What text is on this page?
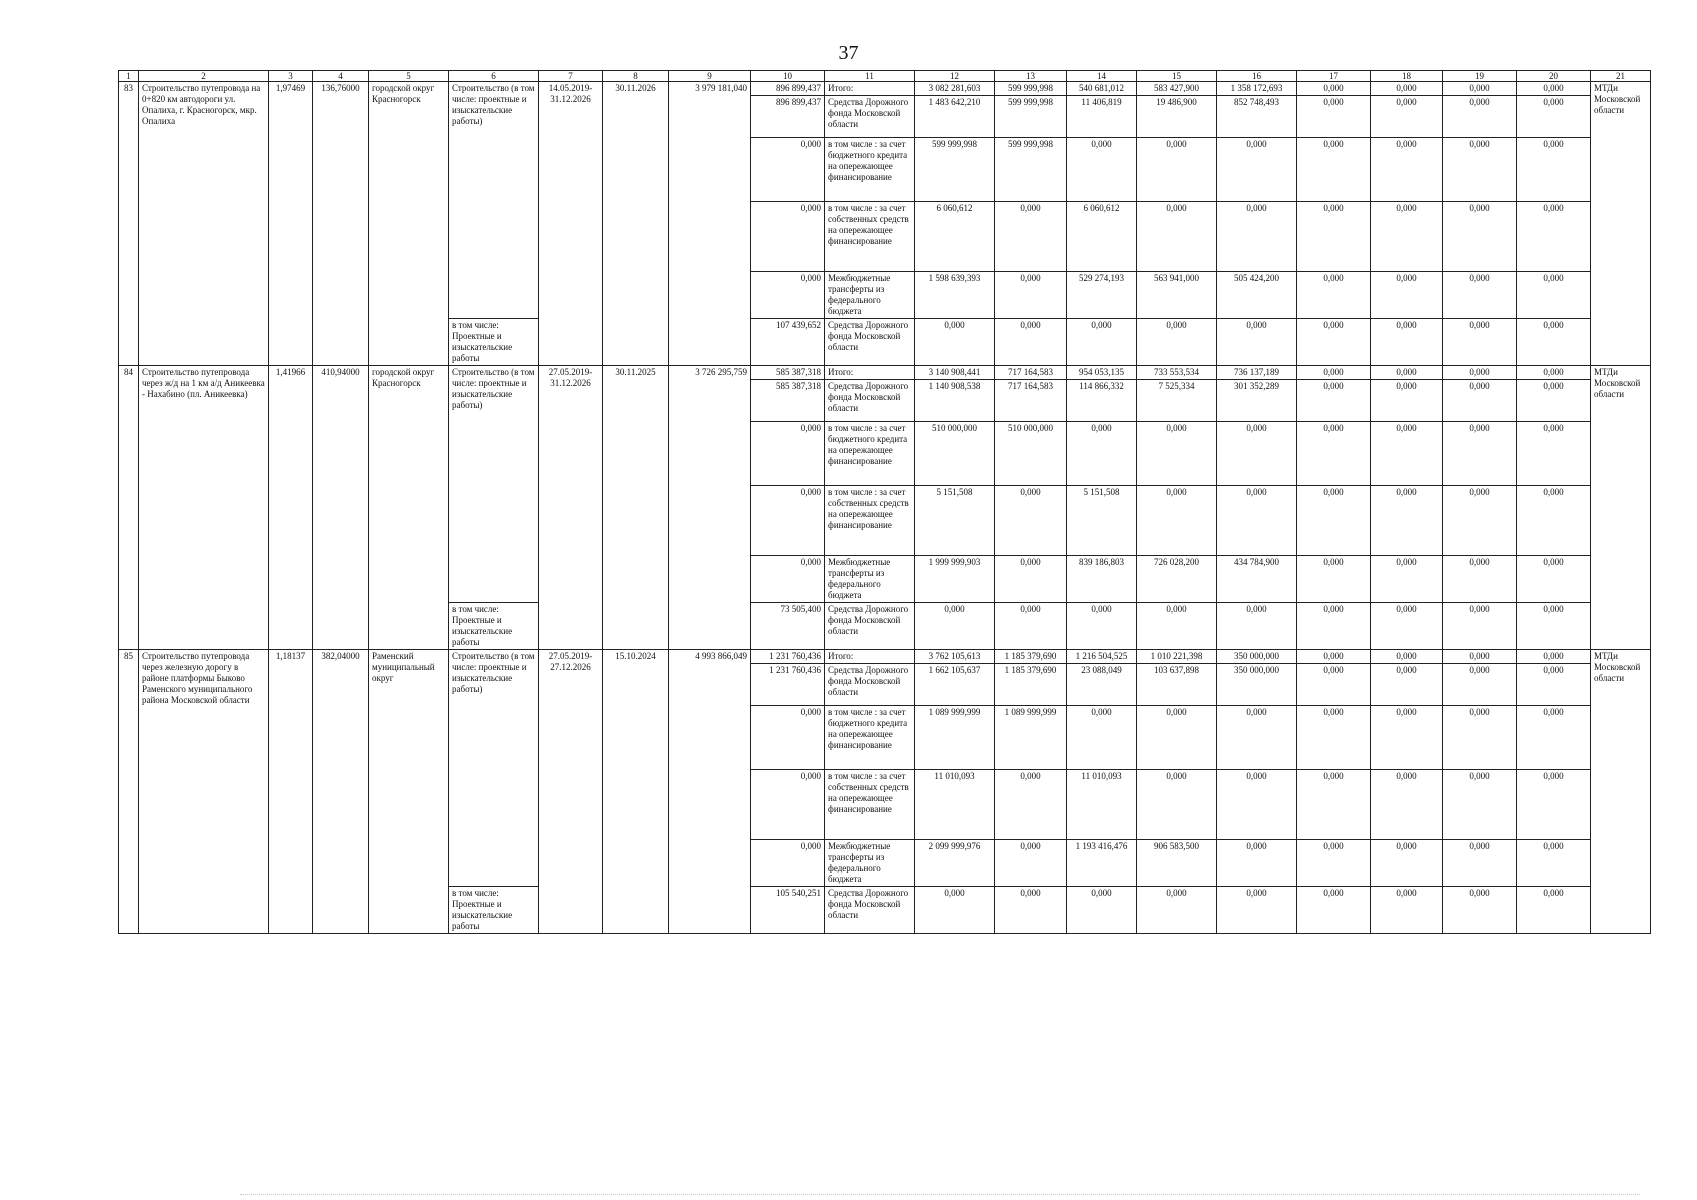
37
1	2	3	4	5	6	7	8	9	10	11	12	13	14	15	16	17	18	19	20	21
83	Строительство путепровода на 0+820 км автодороги ул. Опалиха, г. Красногорск, мкр. Опалиха	1,97469	136,76000	городской округ Красногорск	Строительство (в том числе: проектные и изыскательские работы)	14.05.2019-31.12.2026	30.11.2026	3 979 181,040	896 899,437	Итого:	3 082 281,603	599 999,998	540 681,012	583 427,900	1 358 172,693	0,000	0,000	0,000	0,000	МТДи Московской области
									896 899,437	Средства Дорожного фонда Московской области	1 483 642,210	599 999,998	11 406,819	19 486,900	852 748,493	0,000	0,000	0,000	0,000	
									0,000	в том числе : за счет бюджетного кредита на опережающее финансирование	599 999,998	599 999,998	0,000	0,000	0,000	0,000	0,000	0,000	0,000	
									0,000	в том числе : за счет собственных средств на опережающее финансирование	6 060,612	0,000	6 060,612	0,000	0,000	0,000	0,000	0,000	0,000	
									0,000	Межбюджетные трансферты из федерального бюджета	1 598 639,393	0,000	529 274,193	563 941,000	505 424,200	0,000	0,000	0,000	0,000	
					в том числе: Проектные и изыскательские работы				107 439,652	Средства Дорожного фонда Московской области	0,000	0,000	0,000	0,000	0,000	0,000	0,000	0,000	0,000	
84	Строительство путепровода через ж/д на 1 км а/д Аникеевка - Нахабино (пл. Аникеевка)	1,41966	410,94000	городской округ Красногорск	Строительство (в том числе: проектные и изыскательские работы)	27.05.2019-31.12.2026	30.11.2025	3 726 295,759	585 387,318	Итого:	3 140 908,441	717 164,583	954 053,135	733 553,534	736 137,189	0,000	0,000	0,000	0,000	МТДи Московской области
									585 387,318	Средства Дорожного фонда Московской области	1 140 908,538	717 164,583	114 866,332	7 525,334	301 352,289	0,000	0,000	0,000	0,000	
									0,000	в том числе : за счет бюджетного кредита на опережающее финансирование	510 000,000	510 000,000	0,000	0,000	0,000	0,000	0,000	0,000	0,000	
									0,000	в том числе : за счет собственных средств на опережающее финансирование	5 151,508	0,000	5 151,508	0,000	0,000	0,000	0,000	0,000	0,000	
									0,000	Межбюджетные трансферты из федерального бюджета	1 999 999,903	0,000	839 186,803	726 028,200	434 784,900	0,000	0,000	0,000	0,000	
					в том числе: Проектные и изыскательские работы				73 505,400	Средства Дорожного фонда Московской области	0,000	0,000	0,000	0,000	0,000	0,000	0,000	0,000	0,000	
85	Строительство путепровода через железную дорогу в районе платформы Быково Раменского муниципального района Московской области	1,18137	382,04000	Раменский муниципальный округ	Строительство (в том числе: проектные и изыскательские работы)	27.05.2019-27.12.2026	15.10.2024	4 993 866,049	1 231 760,436	Итого:	3 762 105,613	1 185 379,690	1 216 504,525	1 010 221,398	350 000,000	0,000	0,000	0,000	0,000	МТДи Московской области
									1 231 760,436	Средства Дорожного фонда Московской области	1 662 105,637	1 185 379,690	23 088,049	103 637,898	350 000,000	0,000	0,000	0,000	0,000	
									0,000	в том числе : за счет бюджетного кредита на опережающее финансирование	1 089 999,999	1 089 999,999	0,000	0,000	0,000	0,000	0,000	0,000	0,000	
									0,000	в том числе : за счет собственных средств на опережающее финансирование	11 010,093	0,000	11 010,093	0,000	0,000	0,000	0,000	0,000	0,000	
									0,000	Межбюджетные трансферты из федерального бюджета	2 099 999,976	0,000	1 193 416,476	906 583,500	0,000	0,000	0,000	0,000	0,000	
					в том числе: Проектные и изыскательские работы				105 540,251	Средства Дорожного фонда Московской области	0,000	0,000	0,000	0,000	0,000	0,000	0,000	0,000	0,000	
